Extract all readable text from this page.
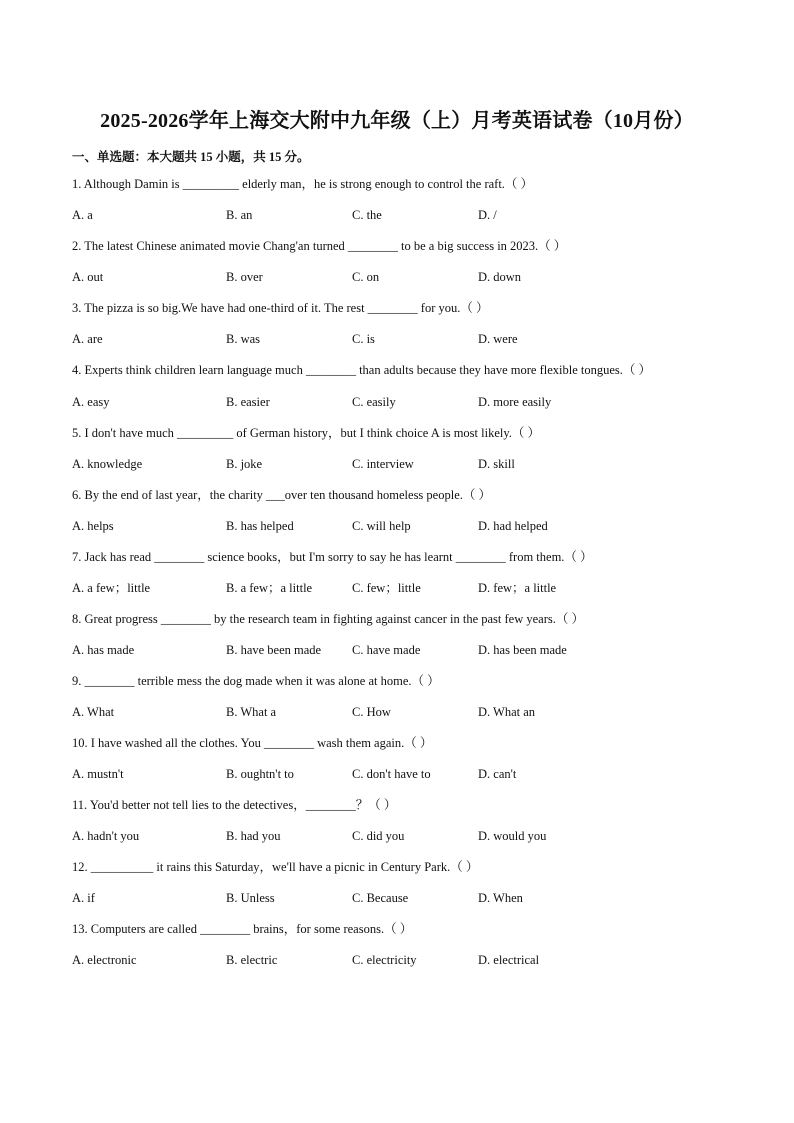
2025-2026学年上海交大附中九年级（上）月考英语试卷（10月份）
一、单选题：本大题共 15 小题，共 15 分。
1. Although Damin is _________ elderly man，he is strong enough to control the raft.（ ）
A. a	B. an	C. the	D. /
2. The latest Chinese animated movie Chang'an turned ________ to be a big success in 2023.（ ）
A. out	B. over	C. on	D. down
3. The pizza is so big.We have had one-third of it. The rest ________ for you.（ ）
A. are	B. was	C. is	D. were
4. Experts think children learn language much ________ than adults because they have more flexible tongues.（ ）
A. easy	B. easier	C. easily	D. more easily
5. I don't have much _________ of German history，but I think choice A is most likely.（ ）
A. knowledge	B. joke	C. interview	D. skill
6. By the end of last year，the charity ___over ten thousand homeless people.（ ）
A. helps	B. has helped	C. will help	D. had helped
7. Jack has read ________ science books，but I'm sorry to say he has learnt ________ from them.（ ）
A. a few；little	B. a few；a little	C. few；little	D. few；a little
8. Great progress ________ by the research team in fighting against cancer in the past few years.（ ）
A. has made	B. have been made	C. have made	D. has been made
9. ________ terrible mess the dog made when it was alone at home.（ ）
A. What	B. What a	C. How	D. What an
10. I have washed all the clothes. You ________ wash them again.（ ）
A. mustn't	B. oughtn't to	C. don't have to	D. can't
11. You'd better not tell lies to the detectives，________？（ ）
A. hadn't you	B. had you	C. did you	D. would you
12. __________ it rains this Saturday，we'll have a picnic in Century Park.（ ）
A. if	B. Unless	C. Because	D. When
13. Computers are called ________ brains，for some reasons.（ ）
A. electronic	B. electric	C. electricity	D. electrical
